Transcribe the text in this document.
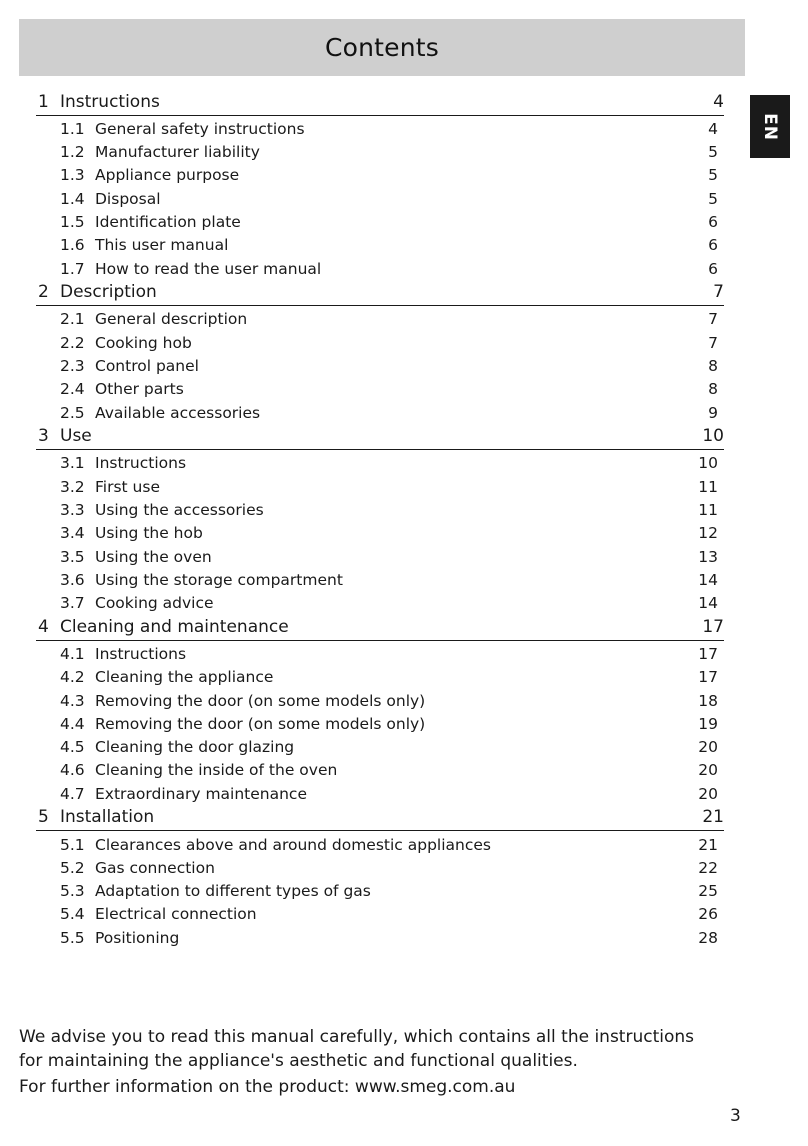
Contents
EN
1 Instructions	4
1.1 General safety instructions	4
1.2 Manufacturer liability	5
1.3 Appliance purpose	5
1.4 Disposal	5
1.5 Identification plate	6
1.6 This user manual	6
1.7 How to read the user manual	6
2 Description	7
2.1 General description	7
2.2 Cooking hob	7
2.3 Control panel	8
2.4 Other parts	8
2.5 Available accessories	9
3 Use	10
3.1 Instructions	10
3.2 First use	11
3.3 Using the accessories	11
3.4 Using the hob	12
3.5 Using the oven	13
3.6 Using the storage compartment	14
3.7 Cooking advice	14
4 Cleaning and maintenance	17
4.1 Instructions	17
4.2 Cleaning the appliance	17
4.3 Removing the door (on some models only)	18
4.4 Removing the door (on some models only)	19
4.5 Cleaning the door glazing	20
4.6 Cleaning the inside of the oven	20
4.7 Extraordinary maintenance	20
5 Installation	21
5.1 Clearances above and around domestic appliances	21
5.2 Gas connection	22
5.3 Adaptation to different types of gas	25
5.4 Electrical connection	26
5.5 Positioning	28
We advise you to read this manual carefully, which contains all the instructions for maintaining the appliance's aesthetic and functional qualities.
For further information on the product: www.smeg.com.au
3
